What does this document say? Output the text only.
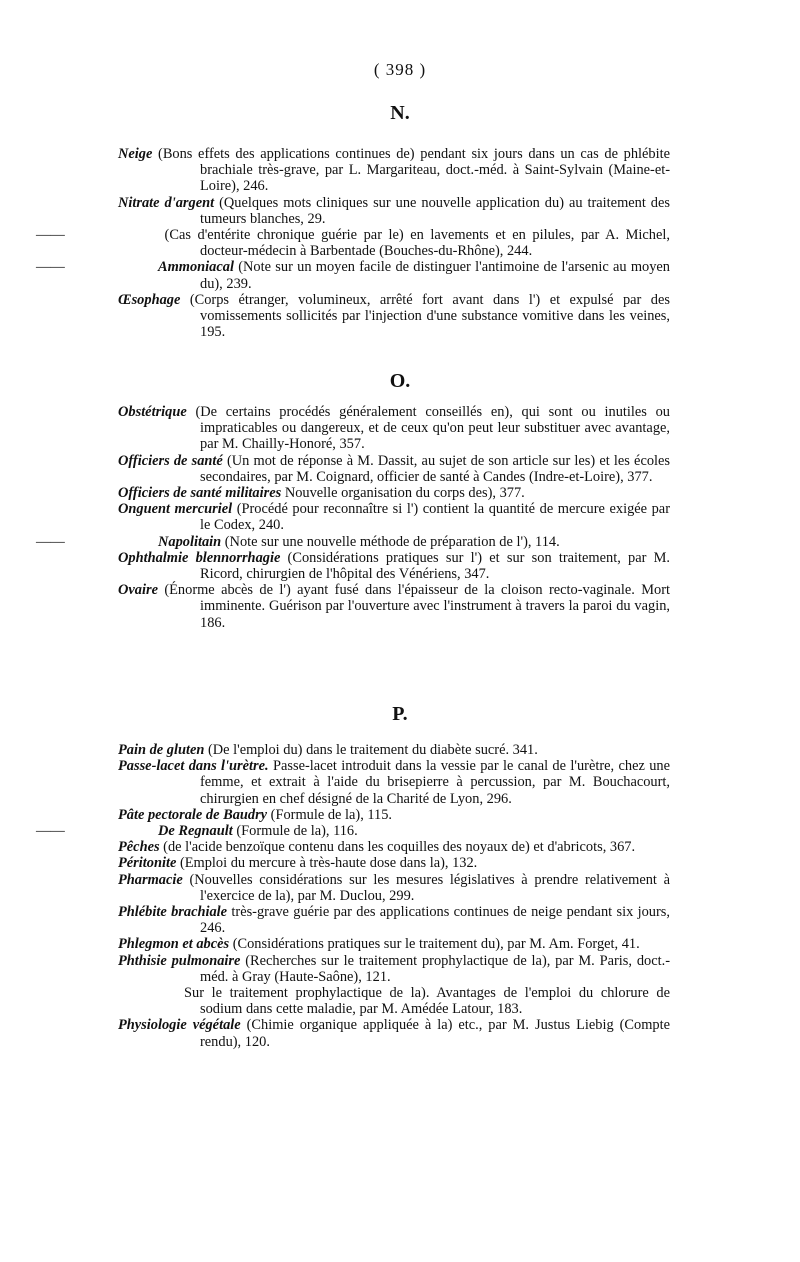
( 398 )
N.
Neige (Bons effets des applications continues de) pendant six jours dans un cas de phlébite brachiale très-grave, par L. Margariteau, doct.-méd. à Saint-Sylvain (Maine-et-Loire), 246.
Nitrate d'argent (Quelques mots cliniques sur une nouvelle application du) au traitement des tumeurs blanches, 29.
——	(Cas d'entérite chronique guérie par le) en lavements et en pilules, par A. Michel, docteur-médecin à Barbentade (Bouches-du-Rhône), 244.
——	Ammoniacal (Note sur un moyen facile de distinguer l'antimoine de l'arsenic au moyen du), 239.
Œsophage (Corps étranger, volumineux, arrêté fort avant dans l') et expulsé par des vomissements sollicités par l'injection d'une substance vomitive dans les veines, 195.
O.
Obstétrique (De certains procédés généralement conseillés en), qui sont ou inutiles ou impraticables ou dangereux, et de ceux qu'on peut leur substituer avec avantage, par M. Chailly-Honoré, 357.
Officiers de santé (Un mot de réponse à M. Dassit, au sujet de son article sur les) et les écoles secondaires, par M. Coignard, officier de santé à Candes (Indre-et-Loire), 377.
Officiers de santé militaires Nouvelle organisation du corps des), 377.
Onguent mercuriel (Procédé pour reconnaître si l') contient la quantité de mercure exigée par le Codex, 240.
——	Napolitain (Note sur une nouvelle méthode de préparation de l'), 114.
Ophthalmie blennorrhagie (Considérations pratiques sur l') et sur son traitement, par M. Ricord, chirurgien de l'hôpital des Vénériens, 347.
Ovaire (Énorme abcès de l') ayant fusé dans l'épaisseur de la cloison recto-vaginale. Mort imminente. Guérison par l'ouverture avec l'instrument à travers la paroi du vagin, 186.
P.
Pain de gluten (De l'emploi du) dans le traitement du diabète sucré. 341.
Passe-lacet dans l'urètre. Passe-lacet introduit dans la vessie par le canal de l'urètre, chez une femme, et extrait à l'aide du brisepierre à percussion, par M. Bouchacourt, chirurgien en chef désigné de la Charité de Lyon, 296.
Pâte pectorale de Baudry (Formule de la), 115.
——	De Regnault (Formule de la), 116.
Pêches (de l'acide benzoïque contenu dans les coquilles des noyaux de) et d'abricots, 367.
Péritonite (Emploi du mercure à très-haute dose dans la), 132.
Pharmacie (Nouvelles considérations sur les mesures législatives à prendre relativement à l'exercice de la), par M. Duclou, 299.
Phlébite brachiale très-grave guérie par des applications continues de neige pendant six jours, 246.
Phlegmon et abcès (Considérations pratiques sur le traitement du), par M. Am. Forget, 41.
Phthisie pulmonaire (Recherches sur le traitement prophylactique de la), par M. Paris, doct.-méd. à Gray (Haute-Saône), 121.
Sur le traitement prophylactique de la). Avantages de l'emploi du chlorure de sodium dans cette maladie, par M. Amédée Latour, 183.
Physiologie végétale (Chimie organique appliquée à la) etc., par M. Justus Liebig (Compte rendu), 120.
